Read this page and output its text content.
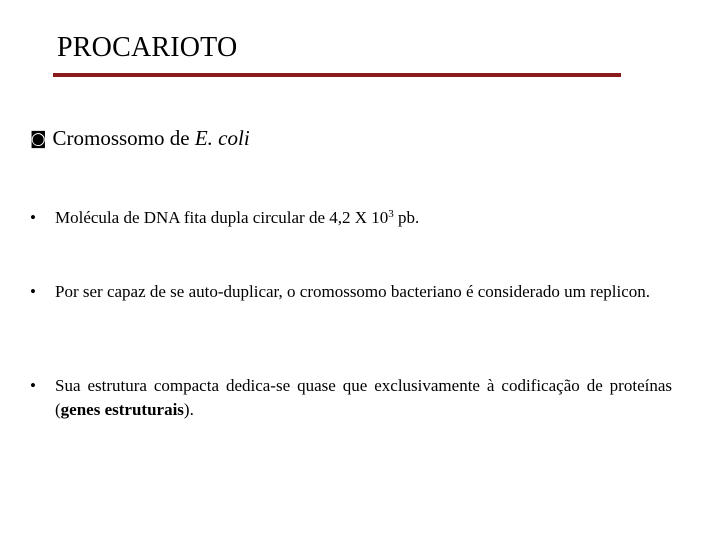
PROCARIOTO
◙ Cromossomo de E. coli
•	Molécula de DNA fita dupla circular de 4,2 X $10^3$ pb.
•	Por ser capaz de se auto-duplicar, o cromossomo bacteriano é considerado um replicon.
•	Sua estrutura compacta dedica-se quase que exclusivamente à codificação de proteínas (genes estruturais).
